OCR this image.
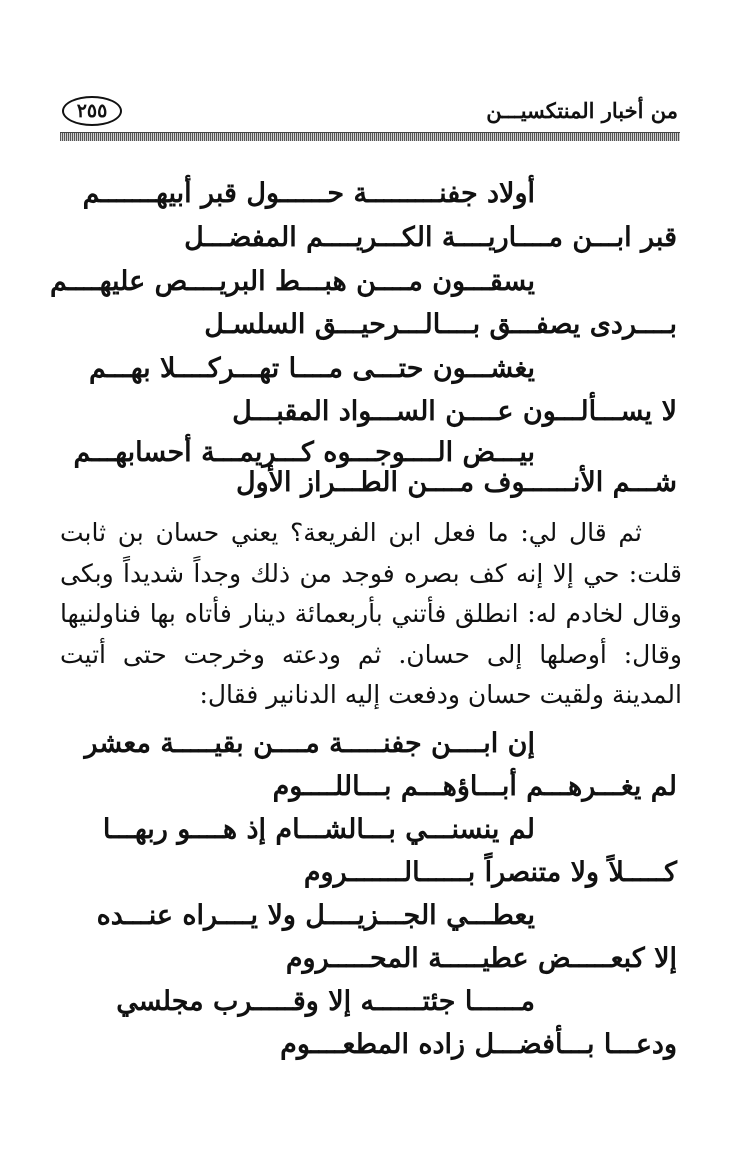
٢٥٥	من أخبار المنتكسيـــن
أولاد جفنـــــــــة حــــــول قبر أبيهـــــــم
قبر ابـــن مــــاريــــة الكـــريــــم المفضـــل
يسقـــون مــــن هبـــط البريــــص عليهــــم
بــــردى يصفـــق بــــالـــرحيـــق السلسـل
يغشـــون حتـــى مــــا تهـــركــــلا بهـــم
لا يســـألـــون عــــن الســـواد المقبـــل
بيـــض الــــوجـــوه كـــريمـــة أحسابهـــم
شـــم الأنــــــوف مــــن الطـــراز الأول

ثم قال لي: ما فعل ابن الفريعة؟ يعني حسان بن ثابت قلت: حي إلا إنه كف بصره فوجد من ذلك وجداً شديداً وبكى وقال لخادم له: انطلق فأتني بأربعمائة دينار فأتاه بها فناولنيها وقال: أوصلها إلى حسان. ثم ودعته وخرجت حتى أتيت المدينة ولقيت حسان ودفعت إليه الدنانير فقال:

إن ابــــن جفنـــــة مــــن بقيـــــة معشر
لم يغـــرهـــم أبـــاؤهـــم بـــاللــــوم
لم ينسنـــي بـــالشـــام إذ هــــو ربهـــا
كـــــلاً ولا متنصراً بــــــالـــــــروم
يعطـــي الجـــزيــــل ولا يــــراه عنـــده
إلا كبعـــــض عطيـــــة المحـــــروم
مــــــا جئتــــــه إلا وقـــــرب مجلسي
ودعـــا بـــأفضـــل زاده المطعــــوم
